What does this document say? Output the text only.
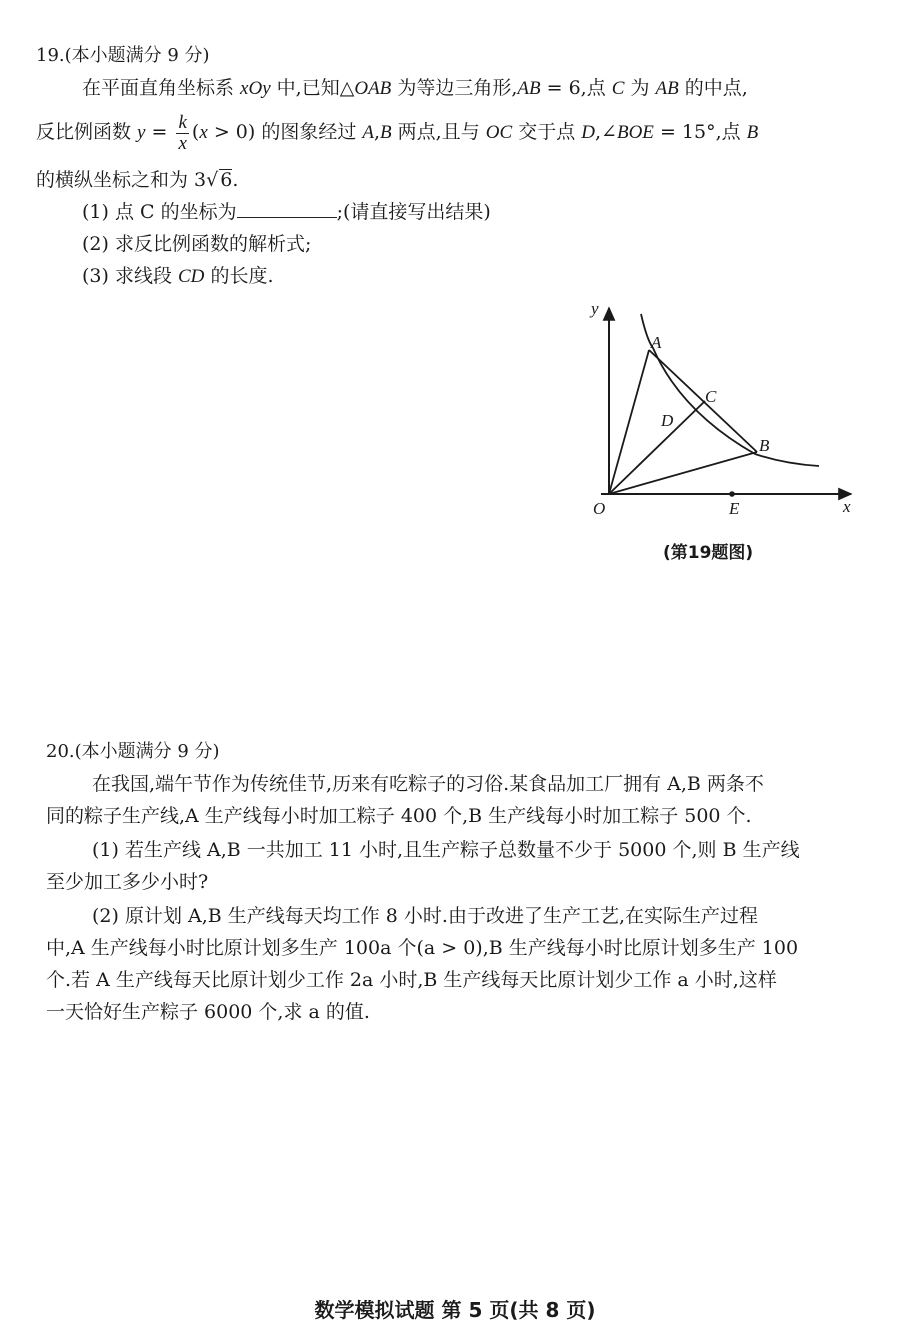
19.(本小题满分 9 分)
在平面直角坐标系 xOy 中,已知△OAB 为等边三角形,AB = 6,点 C 为 AB 的中点,
反比例函数 $y = \frac{k}{x} (x > 0)$ 的图象经过 A,B 两点,且与 OC 交于点 D,∠BOE = 15°,点 B
的横纵坐标之和为 3√ 6.
(1) 点 C 的坐标为	;(请直接写出结果)
(2) 求反比例函数的解析式;
(3) 求线段 CD 的长度.
y
x
O	E
A
B
C
D
(第19题图)
20.(本小题满分 9 分)
在我国,端午节作为传统佳节,历来有吃粽子的习俗.某食品加工厂拥有 A,B 两条不
同的粽子生产线,A 生产线每小时加工粽子 400 个,B 生产线每小时加工粽子 500 个.
(1) 若生产线 A,B 一共加工 11 小时,且生产粽子总数量不少于 5000 个,则 B 生产线
至少加工多少小时?
(2) 原计划 A,B 生产线每天均工作 8 小时.由于改进了生产工艺,在实际生产过程
中,A 生产线每小时比原计划多生产 100a 个(a > 0),B 生产线每小时比原计划多生产 100
个.若 A 生产线每天比原计划少工作 2a 小时,B 生产线每天比原计划少工作 a 小时,这样
一天恰好生产粽子 6000 个,求 a 的值.
数学模拟试题 第 5 页(共 8 页)
